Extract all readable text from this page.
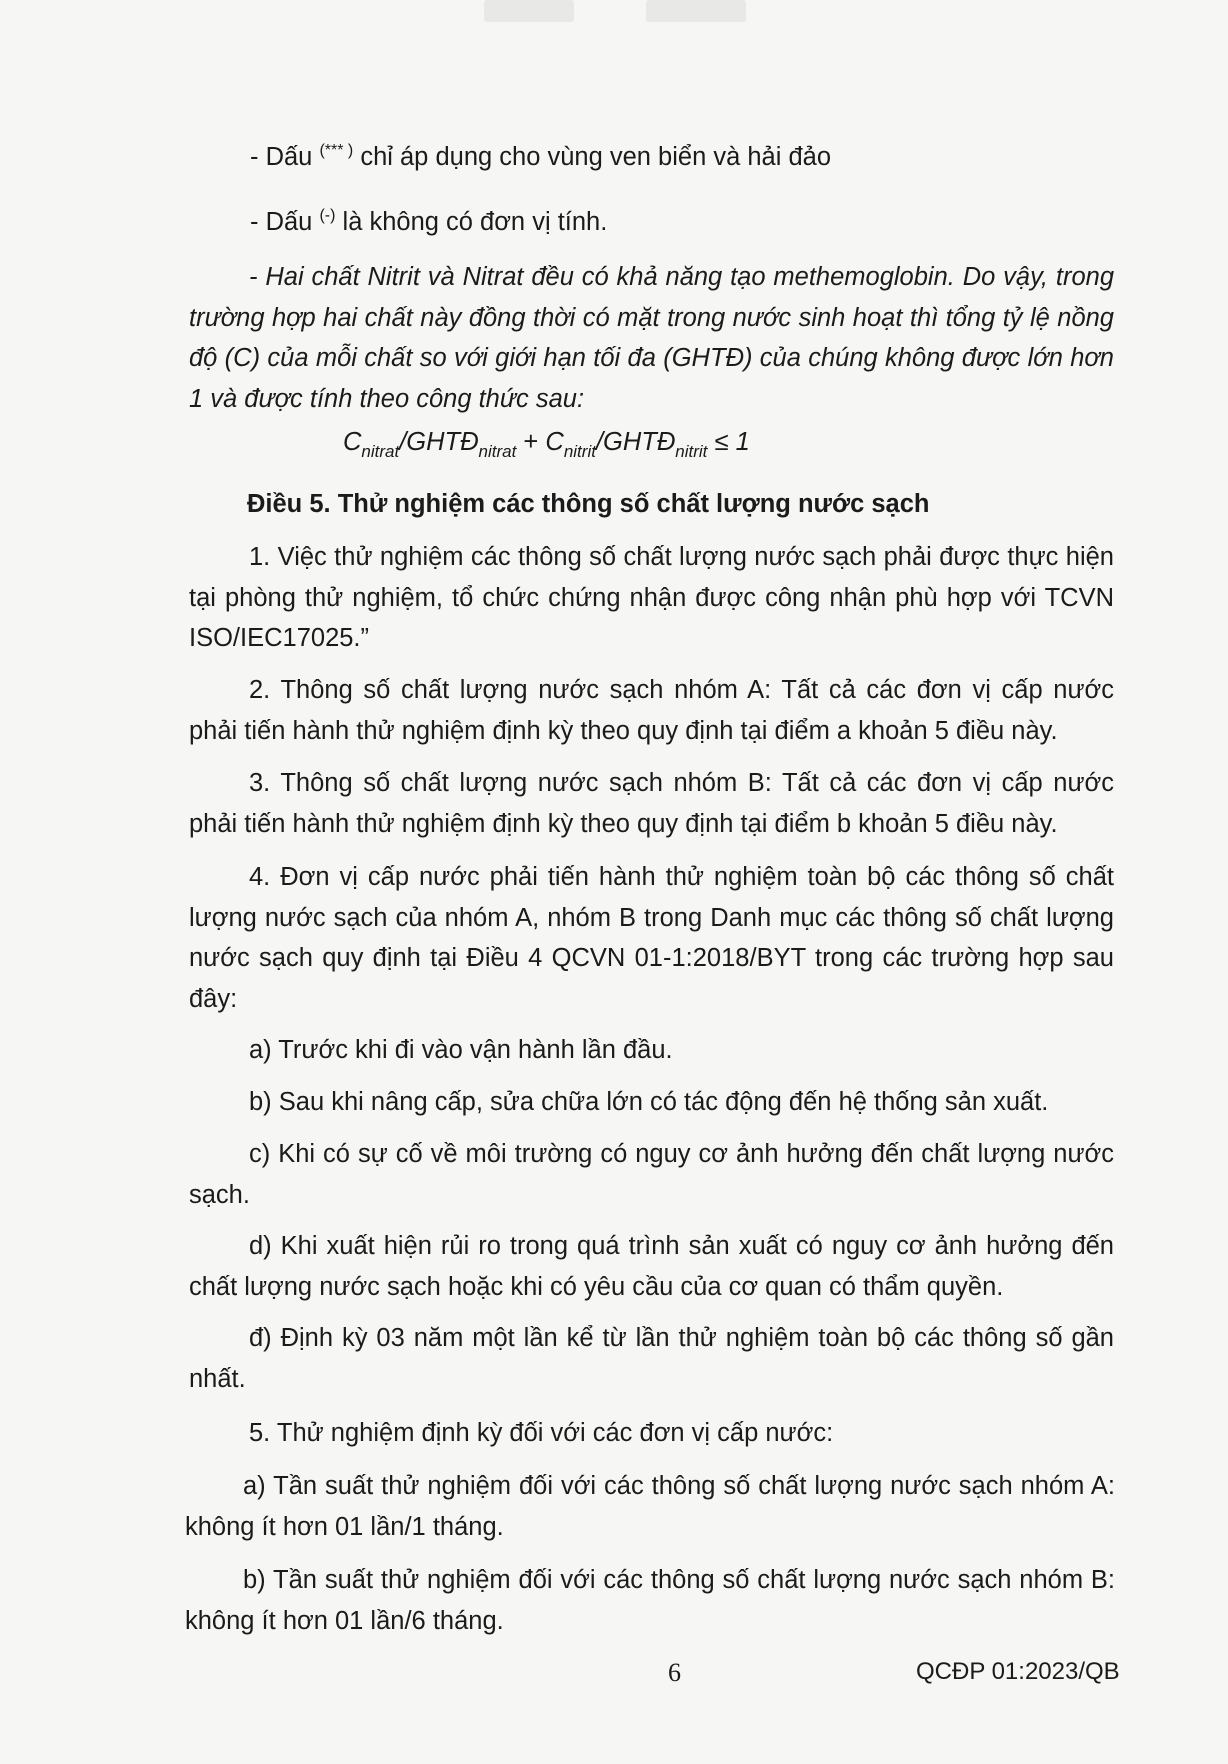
- Dấu (*** ) chỉ áp dụng cho vùng ven biển và hải đảo

- Dấu (-) là không có đơn vị tính.

- Hai chất Nitrit và Nitrat đều có khả năng tạo methemoglobin. Do vậy, trong trường hợp hai chất này đồng thời có mặt trong nước sinh hoạt thì tổng tỷ lệ nồng độ (C) của mỗi chất so với giới hạn tối đa (GHTĐ) của chúng không được lớn hơn 1 và được tính theo công thức sau:

$C_{nitrat}/GHTĐ_{nitrat}$ + $C_{nitrit}/GHTĐ_{nitrit} \le 1$

Điều 5. Thử nghiệm các thông số chất lượng nước sạch

1. Việc thử nghiệm các thông số chất lượng nước sạch phải được thực hiện tại phòng thử nghiệm, tổ chức chứng nhận được công nhận phù hợp với TCVN ISO/IEC17025.”

2. Thông số chất lượng nước sạch nhóm A: Tất cả các đơn vị cấp nước phải tiến hành thử nghiệm định kỳ theo quy định tại điểm a khoản 5 điều này.

3. Thông số chất lượng nước sạch nhóm B: Tất cả các đơn vị cấp nước phải tiến hành thử nghiệm định kỳ theo quy định tại điểm b khoản 5 điều này.

4. Đơn vị cấp nước phải tiến hành thử nghiệm toàn bộ các thông số chất lượng nước sạch của nhóm A, nhóm B trong Danh mục các thông số chất lượng nước sạch quy định tại Điều 4 QCVN 01-1:2018/BYT trong các trường hợp sau đây:

a) Trước khi đi vào vận hành lần đầu.

b) Sau khi nâng cấp, sửa chữa lớn có tác động đến hệ thống sản xuất.

c) Khi có sự cố về môi trường có nguy cơ ảnh hưởng đến chất lượng nước sạch.

d) Khi xuất hiện rủi ro trong quá trình sản xuất có nguy cơ ảnh hưởng đến chất lượng nước sạch hoặc khi có yêu cầu của cơ quan có thẩm quyền.

đ) Định kỳ 03 năm một lần kể từ lần thử nghiệm toàn bộ các thông số gần nhất.

5. Thử nghiệm định kỳ đối với các đơn vị cấp nước:

a) Tần suất thử nghiệm đối với các thông số chất lượng nước sạch nhóm A: không ít hơn 01 lần/1 tháng.

b) Tần suất thử nghiệm đối với các thông số chất lượng nước sạch nhóm B: không ít hơn 01 lần/6 tháng.

6	QCĐP 01:2023/QB
